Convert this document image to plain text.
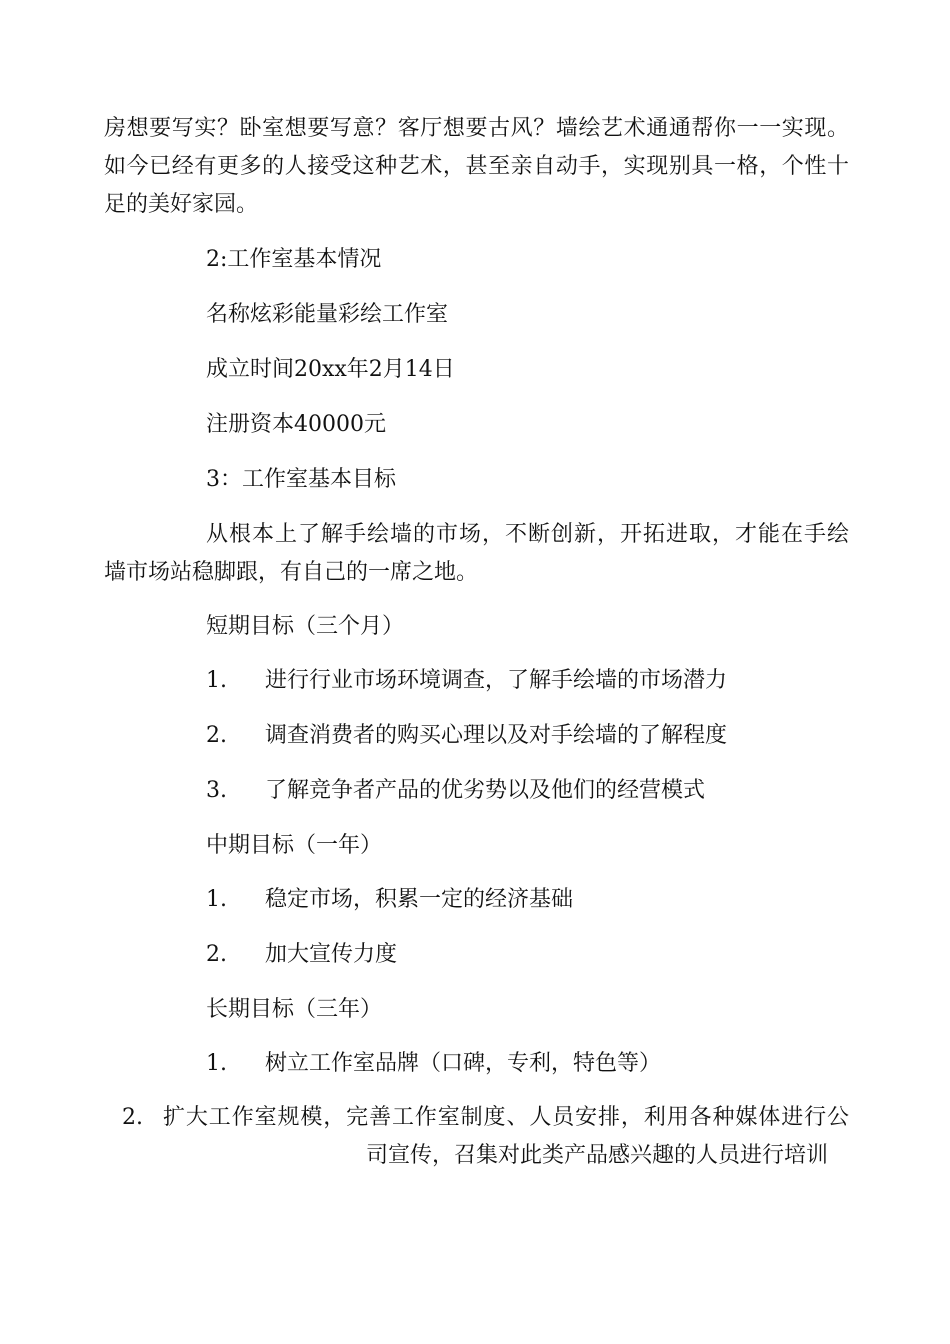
房想要写实？卧室想要写意？客厅想要古风？墙绘艺术通通帮你一一实现。
如今已经有更多的人接受这种艺术，甚至亲自动手，实现别具一格，个性十
足的美好家园。
2:工作室基本情况
名称炫彩能量彩绘工作室
成立时间20xx年2月14日
注册资本40000元
3：工作室基本目标
从根本上了解手绘墙的市场，不断创新，开拓进取，才能在手绘
墙市场站稳脚跟，有自己的一席之地。
短期目标（三个月）
1. 进行行业市场环境调查，了解手绘墙的市场潜力
2. 调查消费者的购买心理以及对手绘墙的了解程度
3. 了解竞争者产品的优劣势以及他们的经营模式
中期目标（一年）
1. 稳定市场，积累一定的经济基础
2. 加大宣传力度
长期目标（三年）
1. 树立工作室品牌（口碑，专利，特色等）
2. 扩大工作室规模，完善工作室制度、人员安排，利用各种媒体进行公
司宣传，召集对此类产品感兴趣的人员进行培训
